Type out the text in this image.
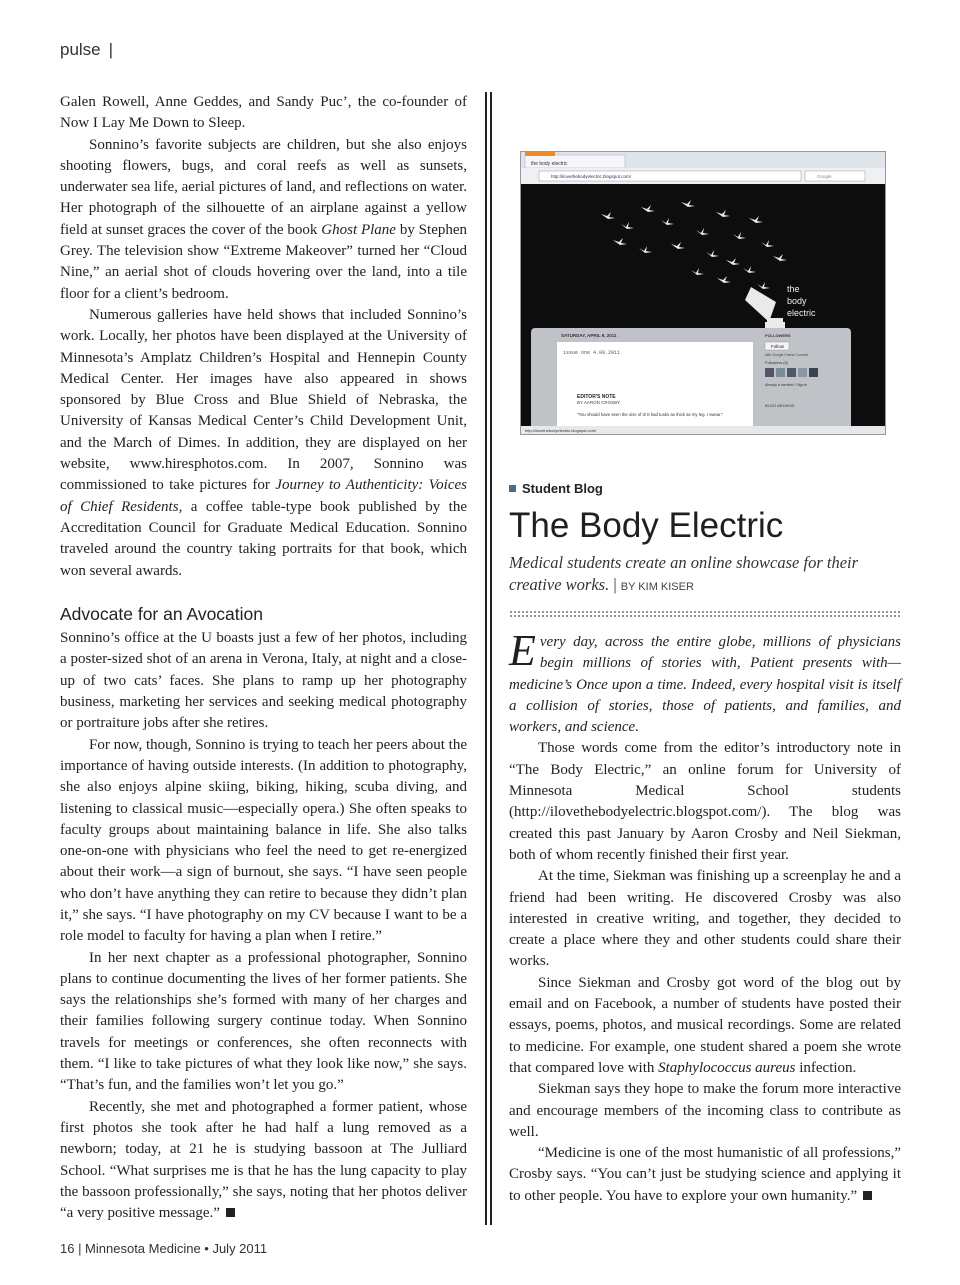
pulse |

Galen Rowell, Anne Geddes, and Sandy Puc’, the co-founder of Now I Lay Me Down to Sleep.

Sonnino’s favorite subjects are children, but she also enjoys shooting flowers, bugs, and coral reefs as well as sunsets, underwater sea life, aerial pictures of land, and reflections on water. Her photograph of the silhouette of an airplane against a yellow field at sunset graces the cover of the book Ghost Plane by Stephen Grey. The television show “Extreme Makeover” turned her “Cloud Nine,” an aerial shot of clouds hovering over the land, into a tile floor for a client’s bedroom.

Numerous galleries have held shows that included Sonnino’s work. Locally, her photos have been displayed at the University of Minnesota’s Amplatz Children’s Hospital and Hennepin County Medical Center. Her images have also appeared in shows sponsored by Blue Cross and Blue Shield of Nebraska, the University of Kansas Medical Center’s Child Development Unit, and the March of Dimes. In addition, they are displayed on her website, www.hiresphotos.com. In 2007, Sonnino was commissioned to take pictures for Journey to Authenticity: Voices of Chief Residents, a coffee table-type book published by the Accreditation Council for Graduate Medical Education. Sonnino traveled around the country taking portraits for that book, which won several awards.

Advocate for an Avocation

Sonnino’s office at the U boasts just a few of her photos, including a poster-sized shot of an arena in Verona, Italy, at night and a close-up of two cats’ faces. She plans to ramp up her photography business, marketing her services and seeking medical photography or portraiture jobs after she retires.

For now, though, Sonnino is trying to teach her peers about the importance of having outside interests. (In addition to photography, she also enjoys alpine skiing, biking, hiking, scuba diving, and listening to classical music—especially opera.) She often speaks to faculty groups about maintaining balance in life. She also talks one-on-one with physicians who feel the need to get re-energized about their work—a sign of burnout, she says. “I have seen people who don’t have anything they can retire to because they didn’t plan it,” she says. “I have photography on my CV because I want to be a role model to faculty for having a plan when I retire.”

In her next chapter as a professional photographer, Sonnino plans to continue documenting the lives of her former patients. She says the relationships she’s formed with many of her charges and their families following surgery continue today. When Sonnino travels for meetings or conferences, she often reconnects with them. “I like to take pictures of what they look like now,” she says. “That’s fun, and the families won’t let you go.”

Recently, she met and photographed a former patient, whose first photos she took after he had half a lung removed as a newborn; today, at 21 he is studying bassoon at The Julliard School. “What surprises me is that he has the lung capacity to play the bassoon professionally,” she says, noting that her photos deliver “a very positive message.”

the body electric
http://ilovethebodyelectric.blogspot.com/	Google
the
body
electric
SATURDAY, APRIL 9, 2011
issue one 4.09.2011
EDITOR'S NOTE
BY AARON CROSBY
"You should have seen the size of it! It had tusks as thick as my leg. I swear."
FOLLOWERS
Follow
with Google Friend Connect
Followers (5)
Already a member? Sign in
BLOG ARCHIVE
http://ilovethebodyelectric.blogspot.com/
Student Blog
The Body Electric
Medical students create an online showcase for their creative works. | BY KIM KISER

Every day, across the entire globe, millions of physicians begin millions of stories with, Patient presents with—medicine’s Once upon a time. Indeed, every hospital visit is itself a collision of stories, those of patients, and families, and workers, and science.

Those words come from the editor’s introductory note in “The Body Electric,” an online forum for University of Minnesota Medical School students (http://ilovethebodyelectric.blogspot.com/). The blog was created this past January by Aaron Crosby and Neil Siekman, both of whom recently finished their first year.

At the time, Siekman was finishing up a screenplay he and a friend had been writing. He discovered Crosby was also interested in creative writing, and together, they decided to create a place where they and other students could share their works.

Since Siekman and Crosby got word of the blog out by email and on Facebook, a number of students have posted their essays, poems, photos, and musical recordings. Some are related to medicine. For example, one student shared a poem she wrote that compared love with Staphylococcus aureus infection.

Siekman says they hope to make the forum more interactive and encourage members of the incoming class to contribute as well.

“Medicine is one of the most humanistic of all professions,” Crosby says. “You can’t just be studying science and applying it to other people. You have to explore your own humanity.”

16 | Minnesota Medicine • July 2011
